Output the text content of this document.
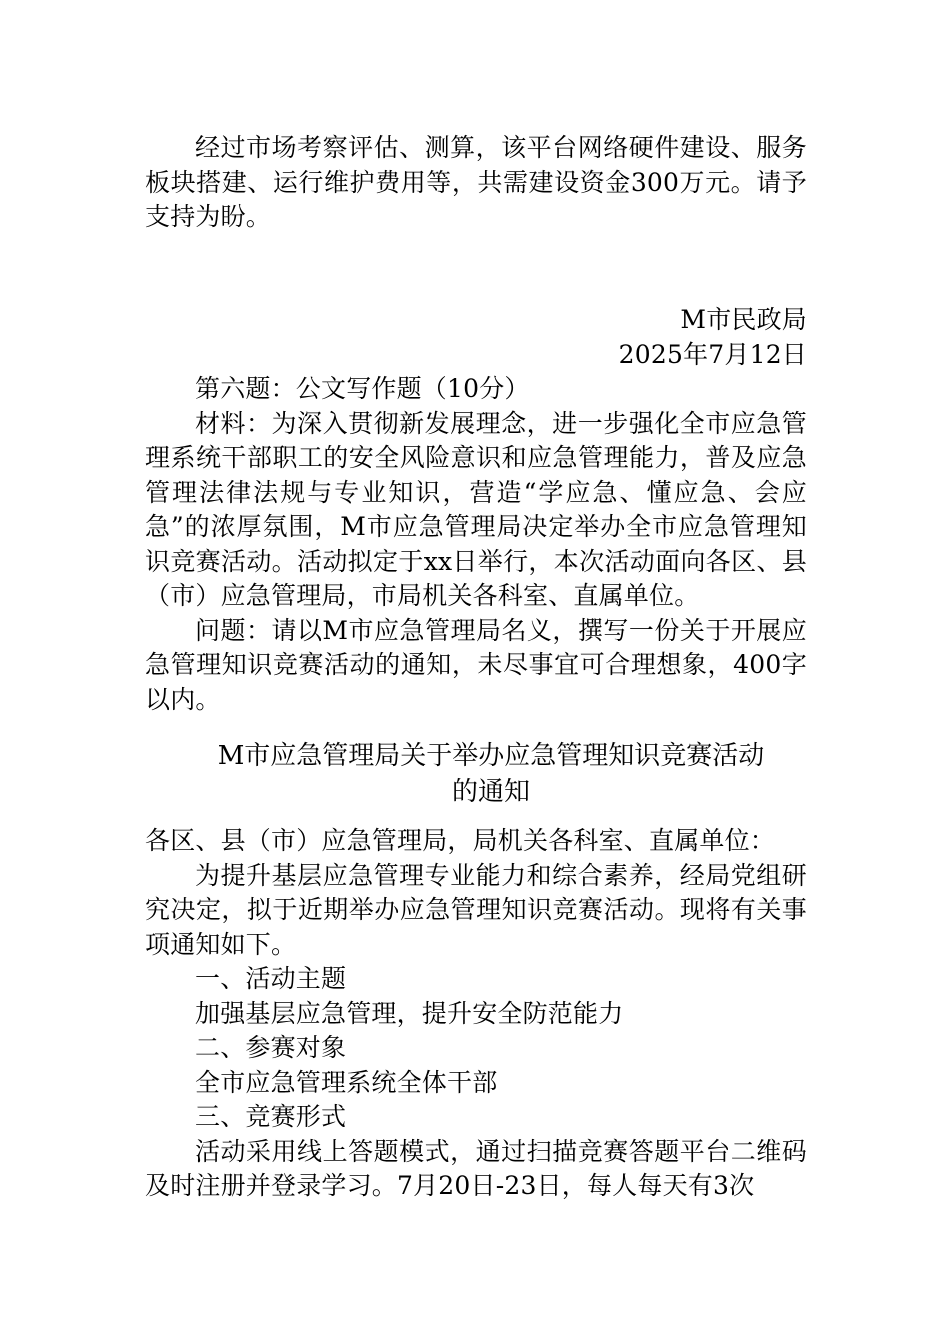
经过市场考察评估、测算，该平台网络硬件建设、服务板块搭建、运行维护费用等，共需建设资金300万元。请予支持为盼。

M市民政局

2025年7月12日

第六题：公文写作题（10分）

材料：为深入贯彻新发展理念，进一步强化全市应急管理系统干部职工的安全风险意识和应急管理能力，普及应急管理法律法规与专业知识，营造“学应急、懂应急、会应急”的浓厚氛围，M市应急管理局决定举办全市应急管理知识竞赛活动。活动拟定于xx日举行，本次活动面向各区、县（市）应急管理局，市局机关各科室、直属单位。

问题：请以M市应急管理局名义，撰写一份关于开展应急管理知识竞赛活动的通知，未尽事宜可合理想象，400字以内。

M市应急管理局关于举办应急管理知识竞赛活动

的通知

各区、县（市）应急管理局，局机关各科室、直属单位：

为提升基层应急管理专业能力和综合素养，经局党组研究决定，拟于近期举办应急管理知识竞赛活动。现将有关事项通知如下。

一、活动主题

加强基层应急管理，提升安全防范能力

二、参赛对象

全市应急管理系统全体干部

三、竞赛形式

活动采用线上答题模式，通过扫描竞赛答题平台二维码及时注册并登录学习。7月20日-23日，每人每天有3次
